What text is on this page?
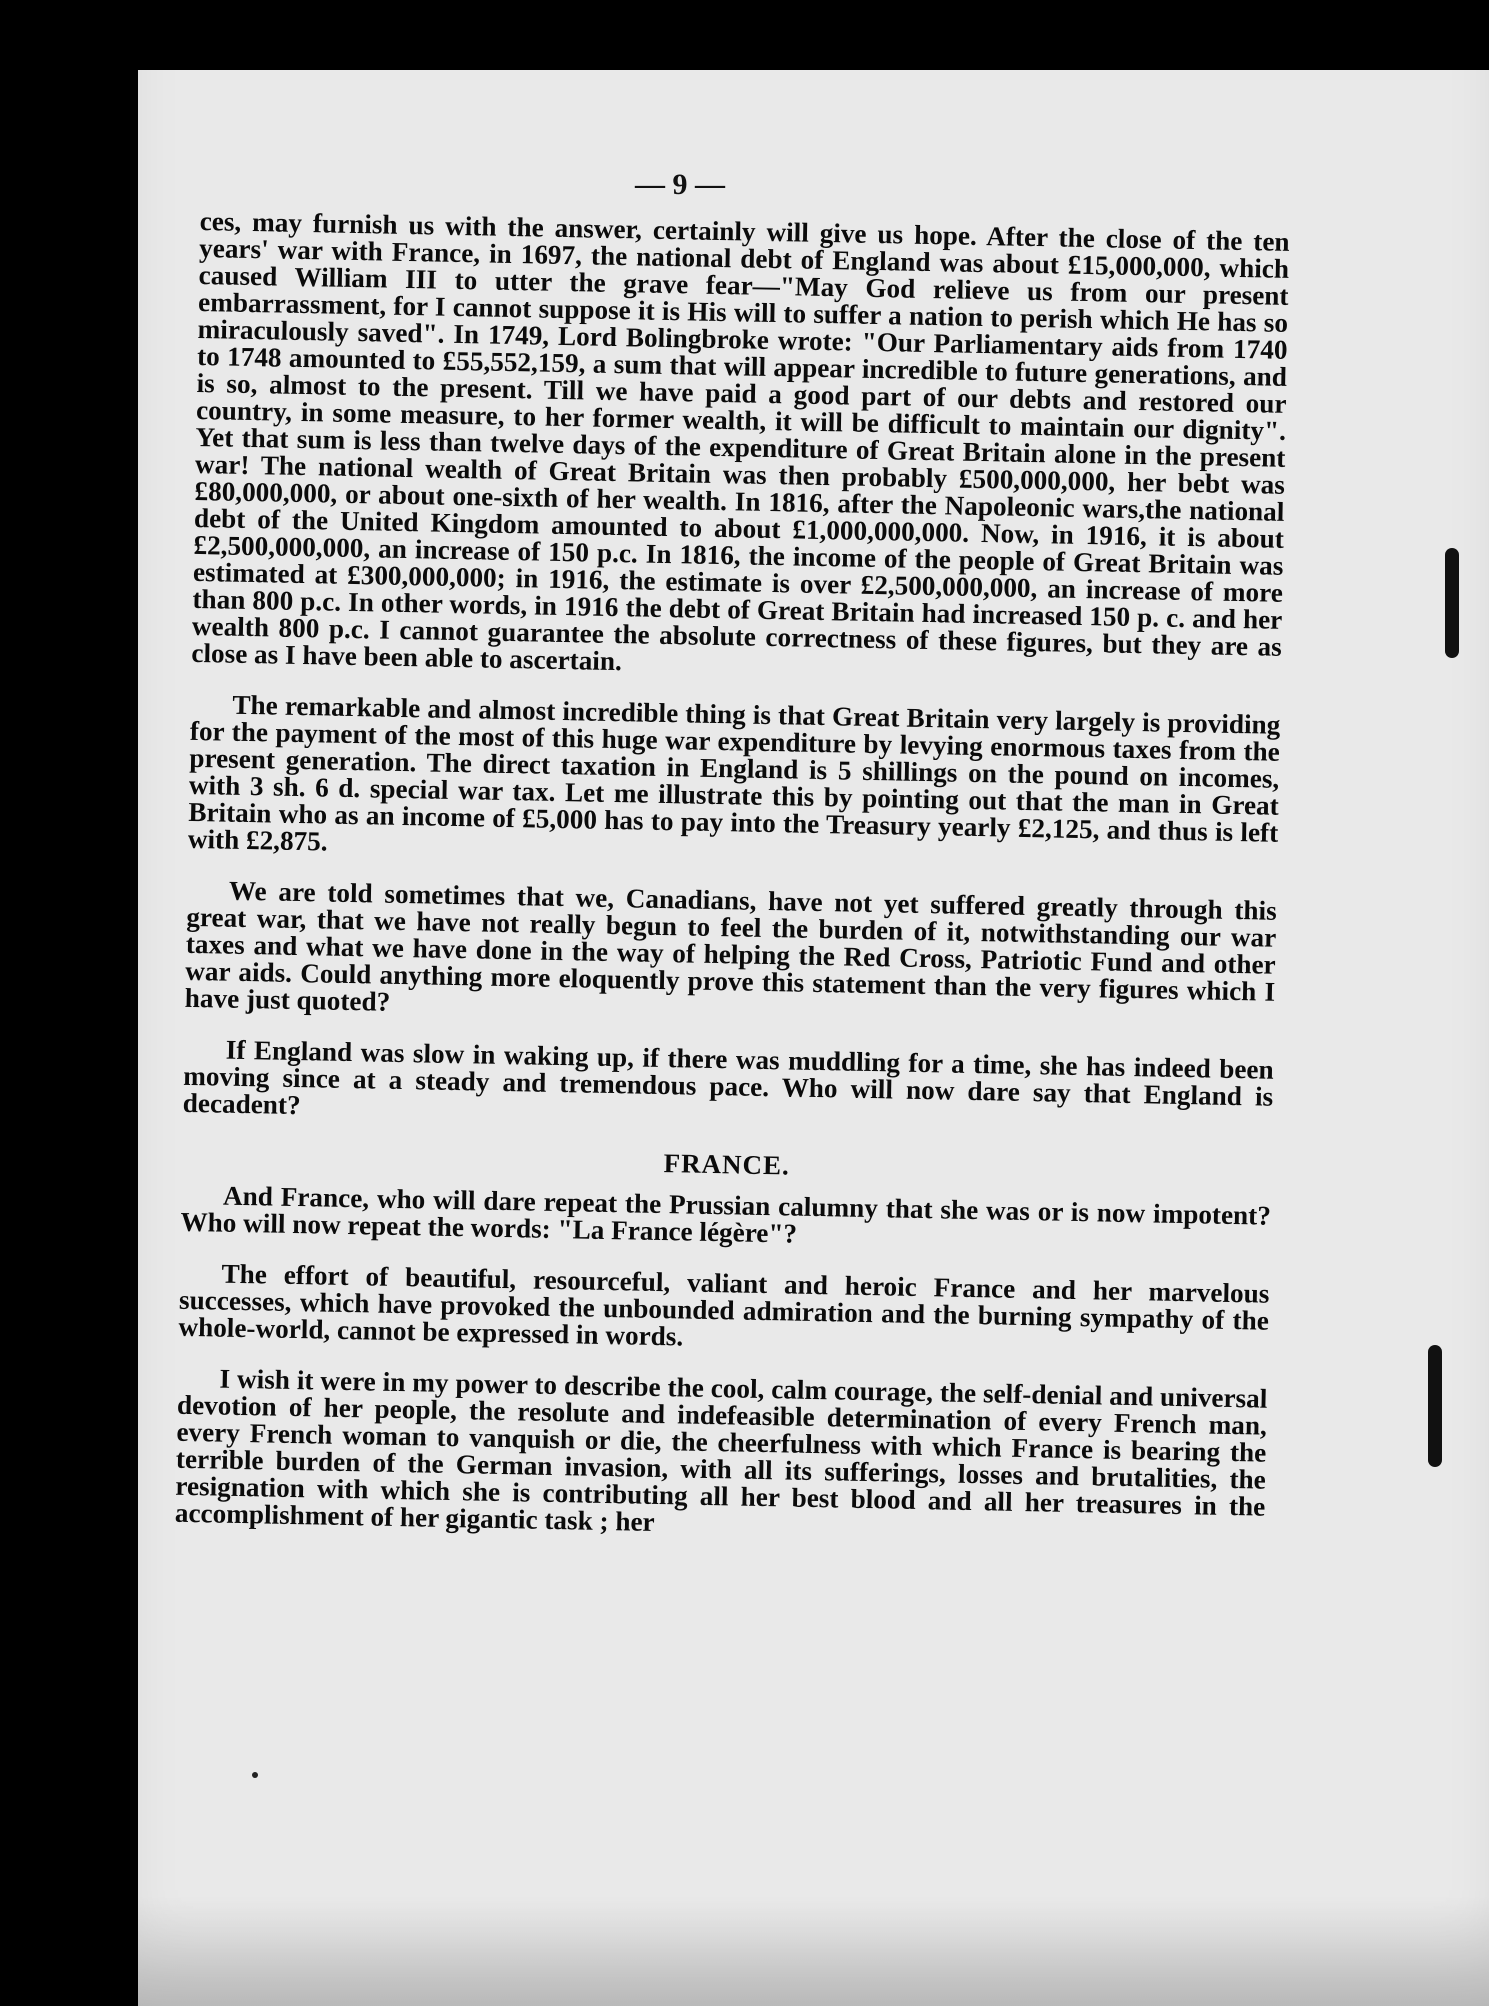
— 9 —

ces, may furnish us with the answer, certainly will give us hope. After the close of the ten years' war with France, in 1697, the national debt of England was about £15,000,000, which caused William III to utter the grave fear—"May God relieve us from our present embarrassment, for I cannot suppose it is His will to suffer a nation to perish which He has so miraculously saved". In 1749, Lord Bolingbroke wrote: "Our Parliamentary aids from 1740 to 1748 amounted to £55,552,159, a sum that will appear incredible to future generations, and is so, almost to the present. Till we have paid a good part of our debts and restored our country, in some measure, to her former wealth, it will be difficult to maintain our dignity". Yet that sum is less than twelve days of the expenditure of Great Britain alone in the present war! The national wealth of Great Britain was then probably £500,000,000, her bebt was £80,000,000, or about one-sixth of her wealth. In 1816, after the Napoleonic wars,the national debt of the United Kingdom amounted to about £1,000,000,000. Now, in 1916, it is about £2,500,000,000, an increase of 150 p.c. In 1816, the income of the people of Great Britain was estimated at £300,000,000; in 1916, the estimate is over £2,500,000,000, an increase of more than 800 p.c. In other words, in 1916 the debt of Great Britain had increased 150 p. c. and her wealth 800 p.c. I cannot guarantee the absolute correctness of these figures, but they are as close as I have been able to ascertain.

The remarkable and almost incredible thing is that Great Britain very largely is providing for the payment of the most of this huge war expenditure by levying enormous taxes from the present generation. The direct taxation in England is 5 shillings on the pound on incomes, with 3 sh. 6 d. special war tax. Let me illustrate this by pointing out that the man in Great Britain who as an income of £5,000 has to pay into the Treasury yearly £2,125, and thus is left with £2,875.

We are told sometimes that we, Canadians, have not yet suffered greatly through this great war, that we have not really begun to feel the burden of it, notwithstanding our war taxes and what we have done in the way of helping the Red Cross, Patriotic Fund and other war aids. Could anything more eloquently prove this statement than the very figures which I have just quoted?

If England was slow in waking up, if there was muddling for a time, she has indeed been moving since at a steady and tremendous pace. Who will now dare say that England is decadent?

FRANCE.

And France, who will dare repeat the Prussian calumny that she was or is now impotent? Who will now repeat the words: "La France légère"?

The effort of beautiful, resourceful, valiant and heroic France and her marvelous successes, which have provoked the unbounded admiration and the burning sympathy of the whole-world, cannot be expressed in words.

I wish it were in my power to describe the cool, calm courage, the self-denial and universal devotion of her people, the resolute and indefeasible determination of every French man, every French woman to vanquish or die, the cheerfulness with which France is bearing the terrible burden of the German invasion, with all its sufferings, losses and brutalities, the resignation with which she is contributing all her best blood and all her treasures in the accomplishment of her gigantic task ; her
